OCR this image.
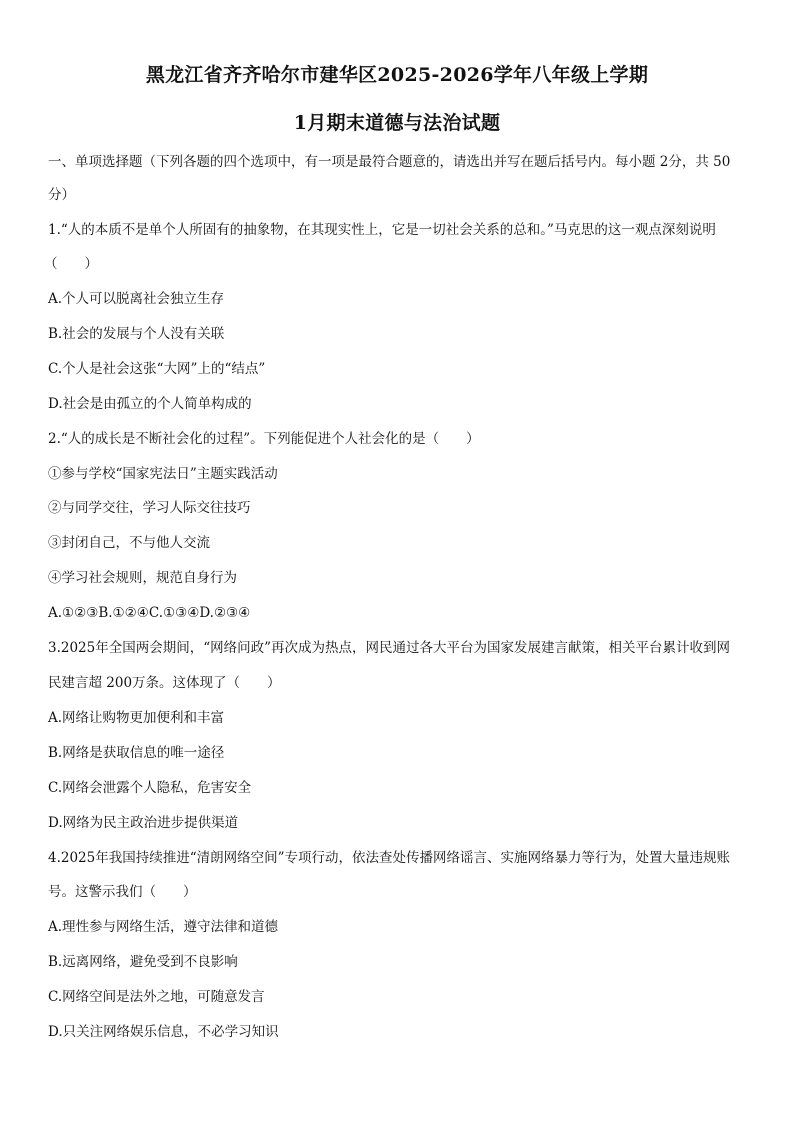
黑龙江省齐齐哈尔市建华区2025-2026学年八年级上学期
1月期末道德与法治试题
一、单项选择题（下列各题的四个选项中，有一项是最符合题意的，请选出并写在题后括号内。每小题 2分，共 50
分）
1.“人的本质不是单个人所固有的抽象物，在其现实性上，它是一切社会关系的总和。”马克思的这一观点深刻说明
（　　）
A.个人可以脱离社会独立生存
B.社会的发展与个人没有关联
C.个人是社会这张“大网”上的“结点”
D.社会是由孤立的个人简单构成的
2.“人的成长是不断社会化的过程”。下列能促进个人社会化的是（　　）
①参与学校“国家宪法日”主题实践活动
②与同学交往，学习人际交往技巧
③封闭自己，不与他人交流
④学习社会规则，规范自身行为
A.①②③B.①②④C.①③④D.②③④
3.2025年全国两会期间，“网络问政”再次成为热点，网民通过各大平台为国家发展建言献策，相关平台累计收到网
民建言超 200万条。这体现了（　　）
A.网络让购物更加便利和丰富
B.网络是获取信息的唯一途径
C.网络会泄露个人隐私，危害安全
D.网络为民主政治进步提供渠道
4.2025年我国持续推进“清朗网络空间”专项行动，依法查处传播网络谣言、实施网络暴力等行为，处置大量违规账
号。这警示我们（　　）
A.理性参与网络生活，遵守法律和道德
B.远离网络，避免受到不良影响
C.网络空间是法外之地，可随意发言
D.只关注网络娱乐信息，不必学习知识
